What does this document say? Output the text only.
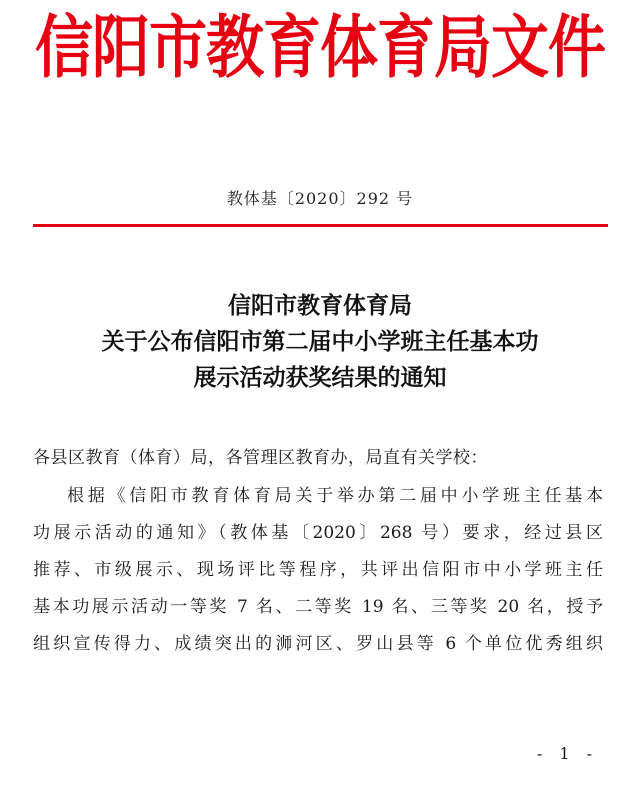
信阳市教育体育局文件
教体基〔2020〕292 号
信阳市教育体育局
关于公布信阳市第二届中小学班主任基本功
展示活动获奖结果的通知
各县区教育（体育）局，各管理区教育办，局直有关学校：
根据《信阳市教育体育局关于举办第二届中小学班主任基本
功展示活动的通知》（教体基〔2020〕268 号）要求，经过县区
推荐、市级展示、现场评比等程序，共评出信阳市中小学班主任
基本功展示活动一等奖 7 名、二等奖 19 名、三等奖 20 名，授予
组织宣传得力、成绩突出的浉河区、罗山县等 6 个单位优秀组织
- 1 -
